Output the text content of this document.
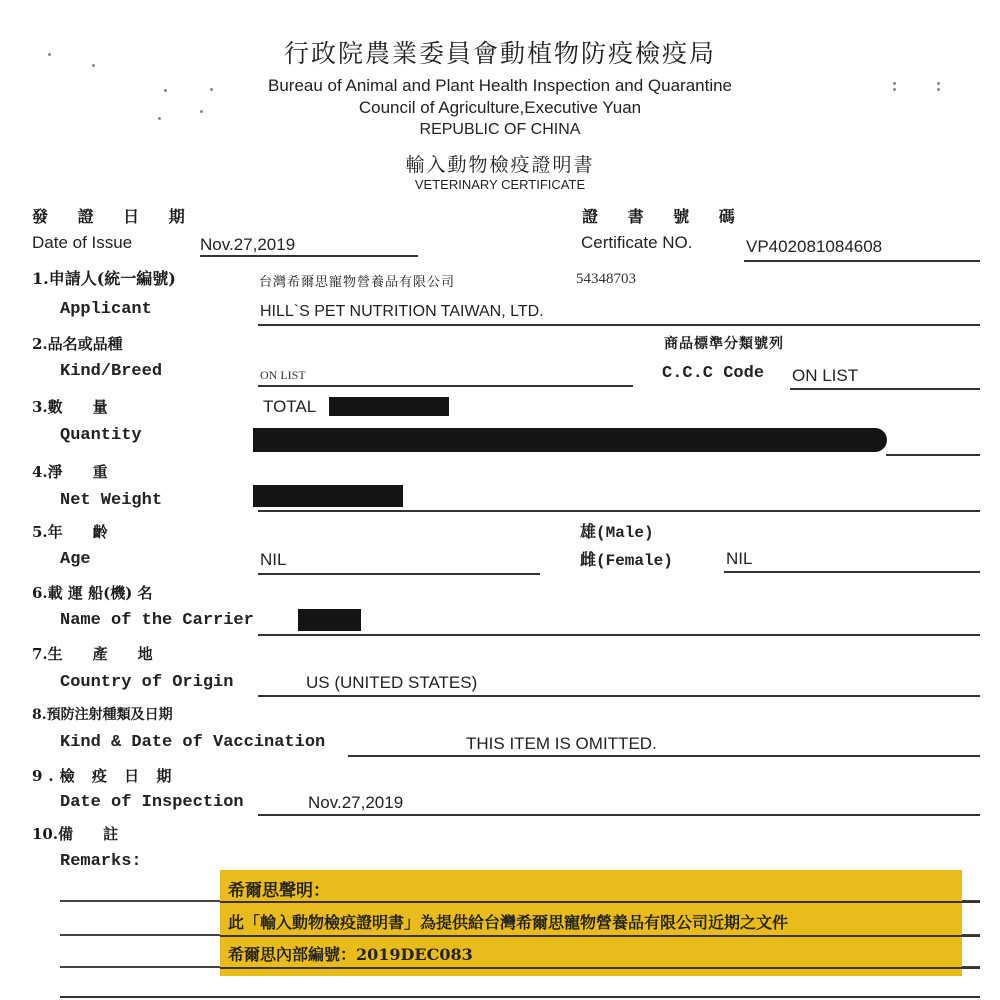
行政院農業委員會動植物防疫檢疫局
Bureau of Animal and Plant Health Inspection and Quarantine
Council of Agriculture,Executive Yuan
REPUBLIC OF CHINA
輸入動物檢疫證明書
VETERINARY CERTIFICATE
發 證 日 期
Date of Issue	Nov.27,2019
證 書 號 碼
Certificate NO.	VP402081084608
1.申請人(統一編號)
Applicant
台灣希爾思寵物營養品有限公司	54348703
HILL`S PET NUTRITION TAIWAN, LTD.
2.品名或品種
Kind/Breed	ON LIST
商品標準分類號列
C.C.C Code ON LIST
3.數　　量
Quantity
TOTAL
4.淨　　重
Net Weight
5.年　　齡
Age	NIL
雄(Male)
雌(Female)	NIL
6.載 運 船(機) 名
Name of the Carrier
7.生　　產　　地
Country of Origin	US (UNITED STATES)
8.預防注射種類及日期
Kind & Date of Vaccination	THIS ITEM IS OMITTED.
9.檢 疫 日 期
Date of Inspection	Nov.27,2019
10.備　　註
Remarks:
希爾思聲明：
此「輸入動物檢疫證明書」為提供給台灣希爾思寵物營養品有限公司近期之文件
希爾思內部編號：2019DEC083
